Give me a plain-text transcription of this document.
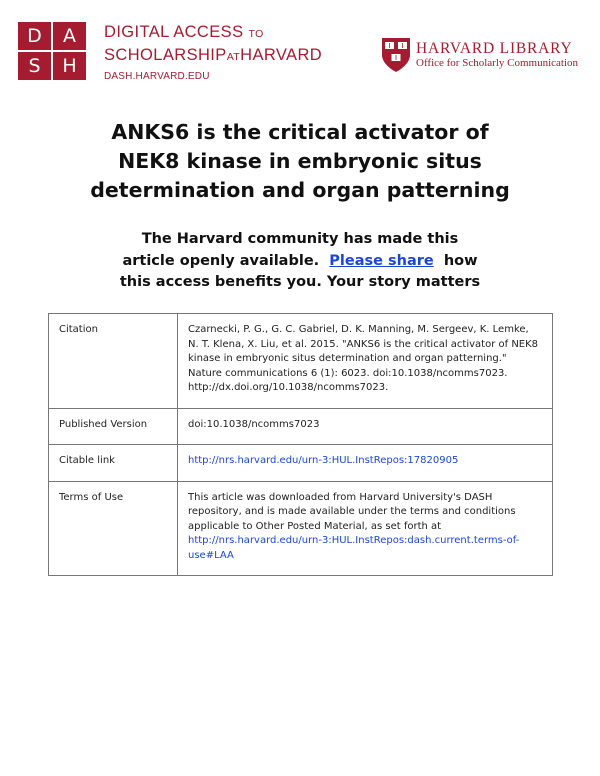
D	A
S	H
DIGITAL ACCESS TO
SCHOLARSHIPATHARVARD
DASH.HARVARD.EDU
HARVARD LIBRARY
Office for Scholarly Communication
ANKS6 is the critical activator of
NEK8 kinase in embryonic situs
determination and organ patterning
The Harvard community has made this
article openly available. Please share how
this access benefits you. Your story matters
Citation	Czarnecki, P. G., G. C. Gabriel, D. K. Manning, M. Sergeev, K. Lemke, N. T. Klena, X. Liu, et al. 2015. "ANKS6 is the critical activator of NEK8 kinase in embryonic situs determination and organ patterning." Nature communications 6 (1): 6023. doi:10.1038/ncomms7023. http://dx.doi.org/10.1038/ncomms7023.
Published Version	doi:10.1038/ncomms7023
Citable link	http://nrs.harvard.edu/urn-3:HUL.InstRepos:17820905
Terms of Use	This article was downloaded from Harvard University's DASH repository, and is made available under the terms and conditions applicable to Other Posted Material, as set forth at http://nrs.harvard.edu/urn-3:HUL.InstRepos:dash.current.terms-of-use#LAA
